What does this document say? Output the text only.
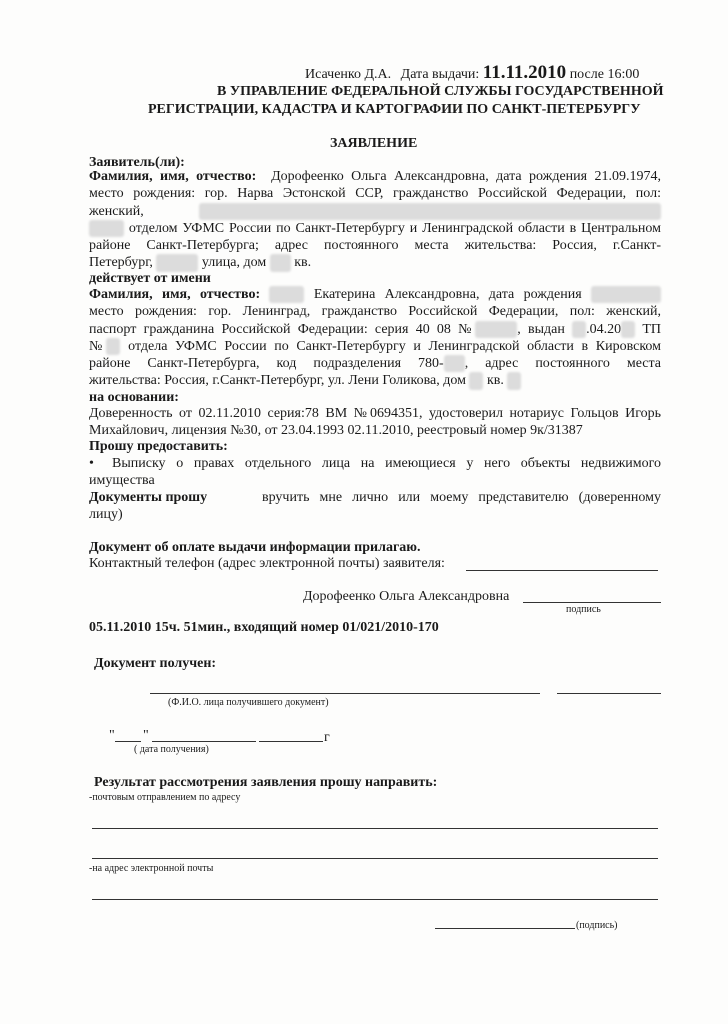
Исаченко Д.А. Дата выдачи: 11.11.2010 после 16:00
В УПРАВЛЕНИЕ ФЕДЕРАЛЬНОЙ СЛУЖБЫ ГОСУДАРСТВЕННОЙ
РЕГИСТРАЦИИ, КАДАСТРА И КАРТОГРАФИИ ПО САНКТ-ПЕТЕРБУРГУ
ЗАЯВЛЕНИЕ
Заявитель(ли):
Фамилия, имя, отчество: Дорофеенко Ольга Александровна, дата рождения 21.09.1974,
место рождения: гор. Нарва Эстонской ССР, гражданство Российской Федерации, пол:
женский,
отделом УФМС России по Санкт-Петербургу и Ленинградской области в Центральном
районе Санкт-Петербурга; адрес постоянного места жительства: Россия, г.Санкт-
Петербург,	улица, дом кв.
действует от имени
Фамилия, имя, отчество:	Екатерина Александровна, дата рождения
место рождения: гор. Ленинград, гражданство Российской Федерации, пол: женский,
паспорт гражданина Российской Федерации: серия 40 08 №	, выдан .04.20 ТП
№ отдела УФМС России по Санкт-Петербургу и Ленинградской области в Кировском
районе Санкт-Петербурга, код подразделения 780- , адрес постоянного места
жительства: Россия, г.Санкт-Петербург, ул. Лени Голикова, дом кв.
на основании:
Доверенность от 02.11.2010 серия:78 ВМ №0694351, удостоверил нотариус Гольцов Игорь
Михайлович, лицензия №30, от 23.04.1993 02.11.2010, реестровый номер 9к/31387
Прошу предоставить:
• Выписку о правах отдельного лица на имеющиеся у него объекты недвижимого
имущества
Документы прошу	вручить мне лично или моему представителю (доверенному
лицу)
Документ об оплате выдачи информации прилагаю.
Контактный телефон (адрес электронной почты) заявителя:
Дорофеенко Ольга Александровна
подпись
05.11.2010 15ч. 51мин., входящий номер 01/021/2010-170
Документ получен:
(Ф.И.О. лица получившего документ)
" "	г
( дата получения)
Результат рассмотрения заявления прошу направить:
-почтовым отправлением по адресу
-на адрес электронной почты
(подпись)
